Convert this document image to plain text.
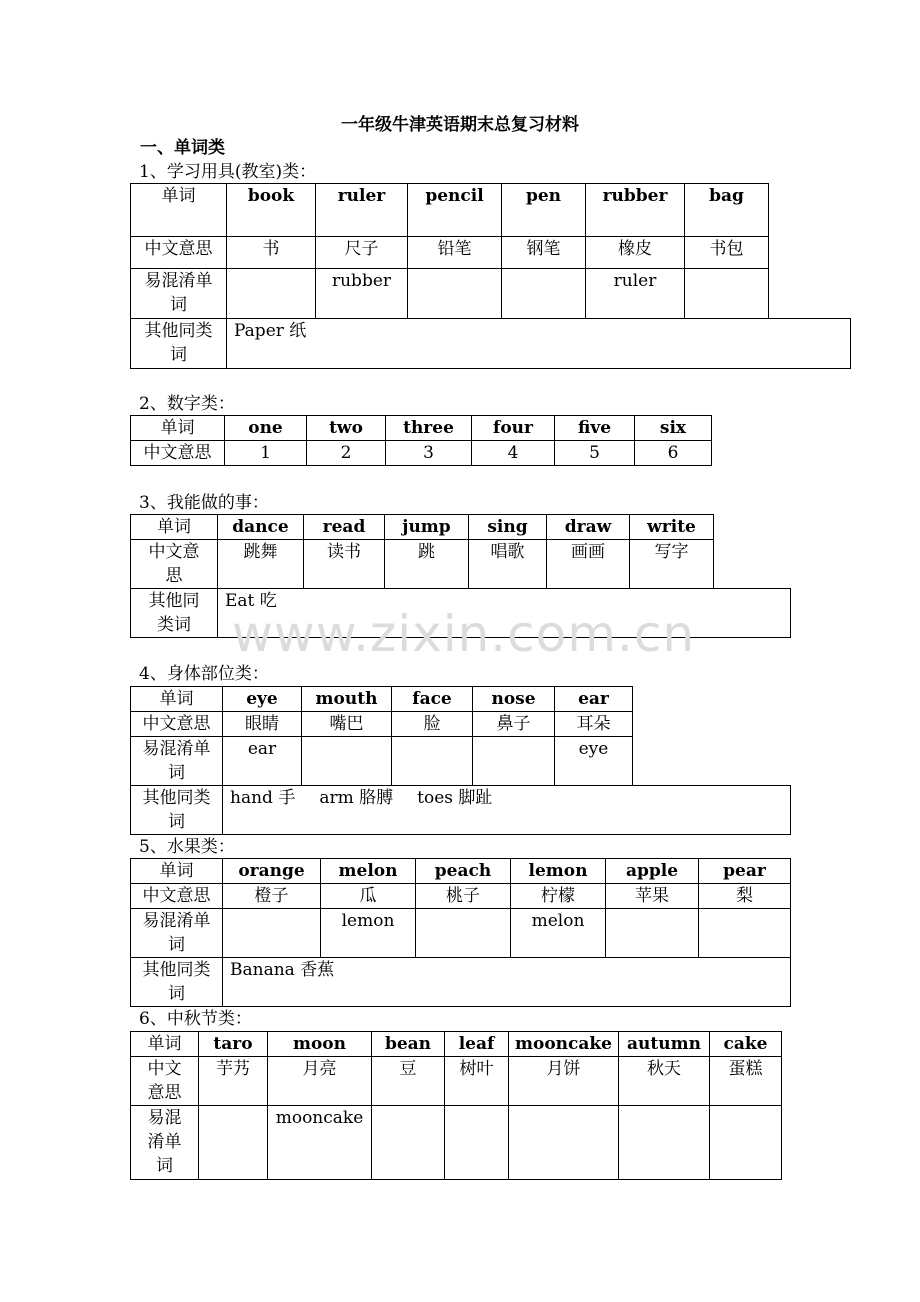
一年级牛津英语期末总复习材料
一、单词类
1、学习用具(教室)类：
单词	book	ruler	pencil	pen	rubber	bag
中文意思	书	尺子	铅笔	钢笔	橡皮	书包
易混淆单
词		rubber			ruler	
其他同类
词	Paper 纸
2、数字类：
单词	one	two	three	four	five	six
中文意思	1	2	3	4	5	6
3、我能做的事：
单词	dance	read	jump	sing	draw	write
中文意
思	跳舞	读书	跳	唱歌	画画	写字
其他同
类词	Eat 吃
4、身体部位类：
单词	eye	mouth	face	nose	ear
中文意思	眼睛	嘴巴	脸	鼻子	耳朵
易混淆单
词	ear				eye
其他同类
词	hand 手 arm 胳膊 toes 脚趾
5、水果类：
单词	orange	melon	peach	lemon	apple	pear
中文意思	橙子	瓜	桃子	柠檬	苹果	梨
易混淆单
词		lemon		melon		
其他同类
词	Banana 香蕉
6、中秋节类：
单词	taro	moon	bean	leaf	mooncake	autumn	cake
中文
意思	芋艿	月亮	豆	树叶	月饼	秋天	蛋糕
易混
淆单
词		mooncake					
www.zixin.com.cn
